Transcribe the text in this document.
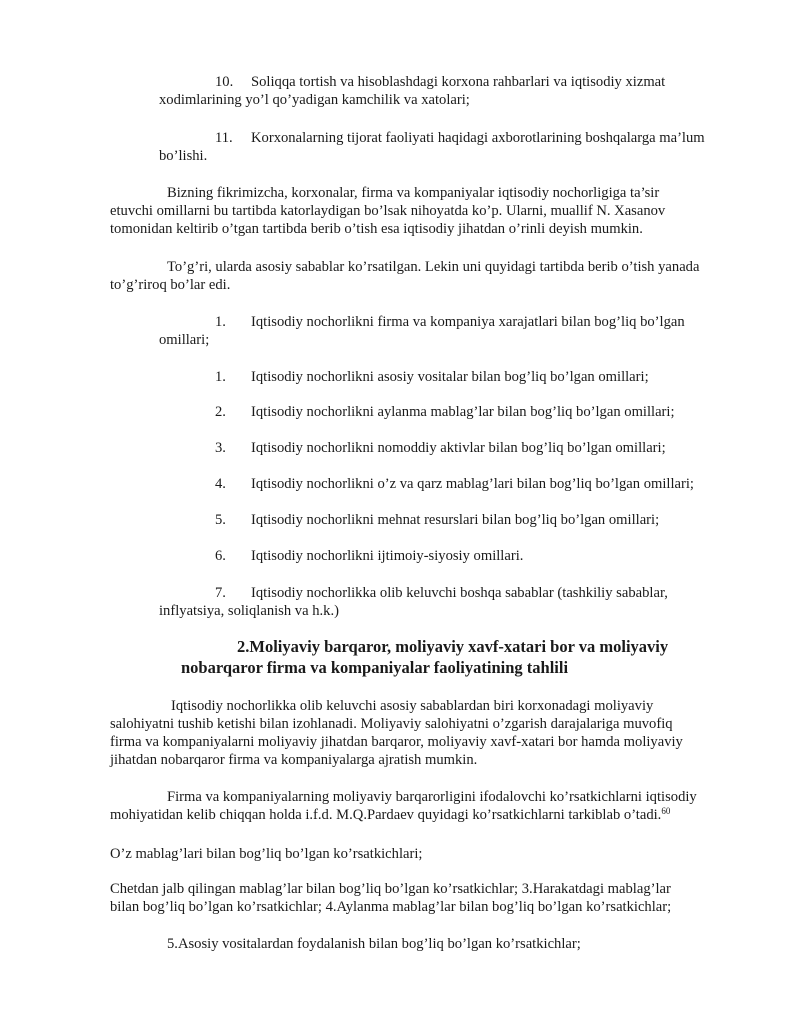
10. Soliqqa tortish va hisoblashdagi korxona rahbarlari va iqtisodiy xizmat
xodimlarining yo’l qo’yadigan kamchilik va xatolari;
11. Korxonalarning tijorat faoliyati haqidagi axborotlarining boshqalarga ma’lum
bo’lishi.
Bizning fikrimizcha, korxonalar, firma va kompaniyalar iqtisodiy nochorligiga ta’sir
etuvchi omillarni bu tartibda katorlaydigan bo’lsak nihoyatda ko’p. Ularni, muallif N. Xasanov
tomonidan keltirib o’tgan tartibda berib o’tish esa iqtisodiy jihatdan o’rinli deyish mumkin.
To’g’ri, ularda asosiy sabablar ko’rsatilgan. Lekin uni quyidagi tartibda berib o’tish yanada
to’g’riroq bo’lar edi.
1. Iqtisodiy nochorlikni firma va kompaniya xarajatlari bilan bog’liq bo’lgan
omillari;
1. Iqtisodiy nochorlikni asosiy vositalar bilan bog’liq bo’lgan omillari;
2. Iqtisodiy nochorlikni aylanma mablag’lar bilan bog’liq bo’lgan omillari;
3. Iqtisodiy nochorlikni nomoddiy aktivlar bilan bog’liq bo’lgan omillari;
4. Iqtisodiy nochorlikni o’z va qarz mablag’lari bilan bog’liq bo’lgan omillari;
5. Iqtisodiy nochorlikni mehnat resurslari bilan bog’liq bo’lgan omillari;
6. Iqtisodiy nochorlikni ijtimoiy-siyosiy omillari.
7. Iqtisodiy nochorlikka olib keluvchi boshqa sabablar (tashkiliy sabablar,
inflyatsiya, soliqlanish va h.k.)
2.Moliyaviy barqaror, moliyaviy xavf-xatari bor va moliyaviy
nobarqaror firma va kompaniyalar faoliyatining tahlili
Iqtisodiy nochorlikka olib keluvchi asosiy sabablardan biri korxonadagi moliyaviy
salohiyatni tushib ketishi bilan izohlanadi. Moliyaviy salohiyatni o’zgarish darajalariga muvofiq
firma va kompaniyalarni moliyaviy jihatdan barqaror, moliyaviy xavf-xatari bor hamda moliyaviy
jihatdan nobarqaror firma va kompaniyalarga ajratish mumkin.
Firma va kompaniyalarning moliyaviy barqarorligini ifodalovchi ko’rsatkichlarni iqtisodiy
mohiyatidan kelib chiqqan holda i.f.d. M.Q.Pardaev quyidagi ko’rsatkichlarni tarkiblab o’tadi.$^{60}$
O’z mablag’lari bilan bog’liq bo’lgan ko’rsatkichlari;
Chetdan jalb qilingan mablag’lar bilan bog’liq bo’lgan ko’rsatkichlar; 3.Harakatdagi mablag’lar
bilan bog’liq bo’lgan ko’rsatkichlar; 4.Aylanma mablag’lar bilan bog’liq bo’lgan ko’rsatkichlar;
5.Asosiy vositalardan foydalanish bilan bog’liq bo’lgan ko’rsatkichlar;
